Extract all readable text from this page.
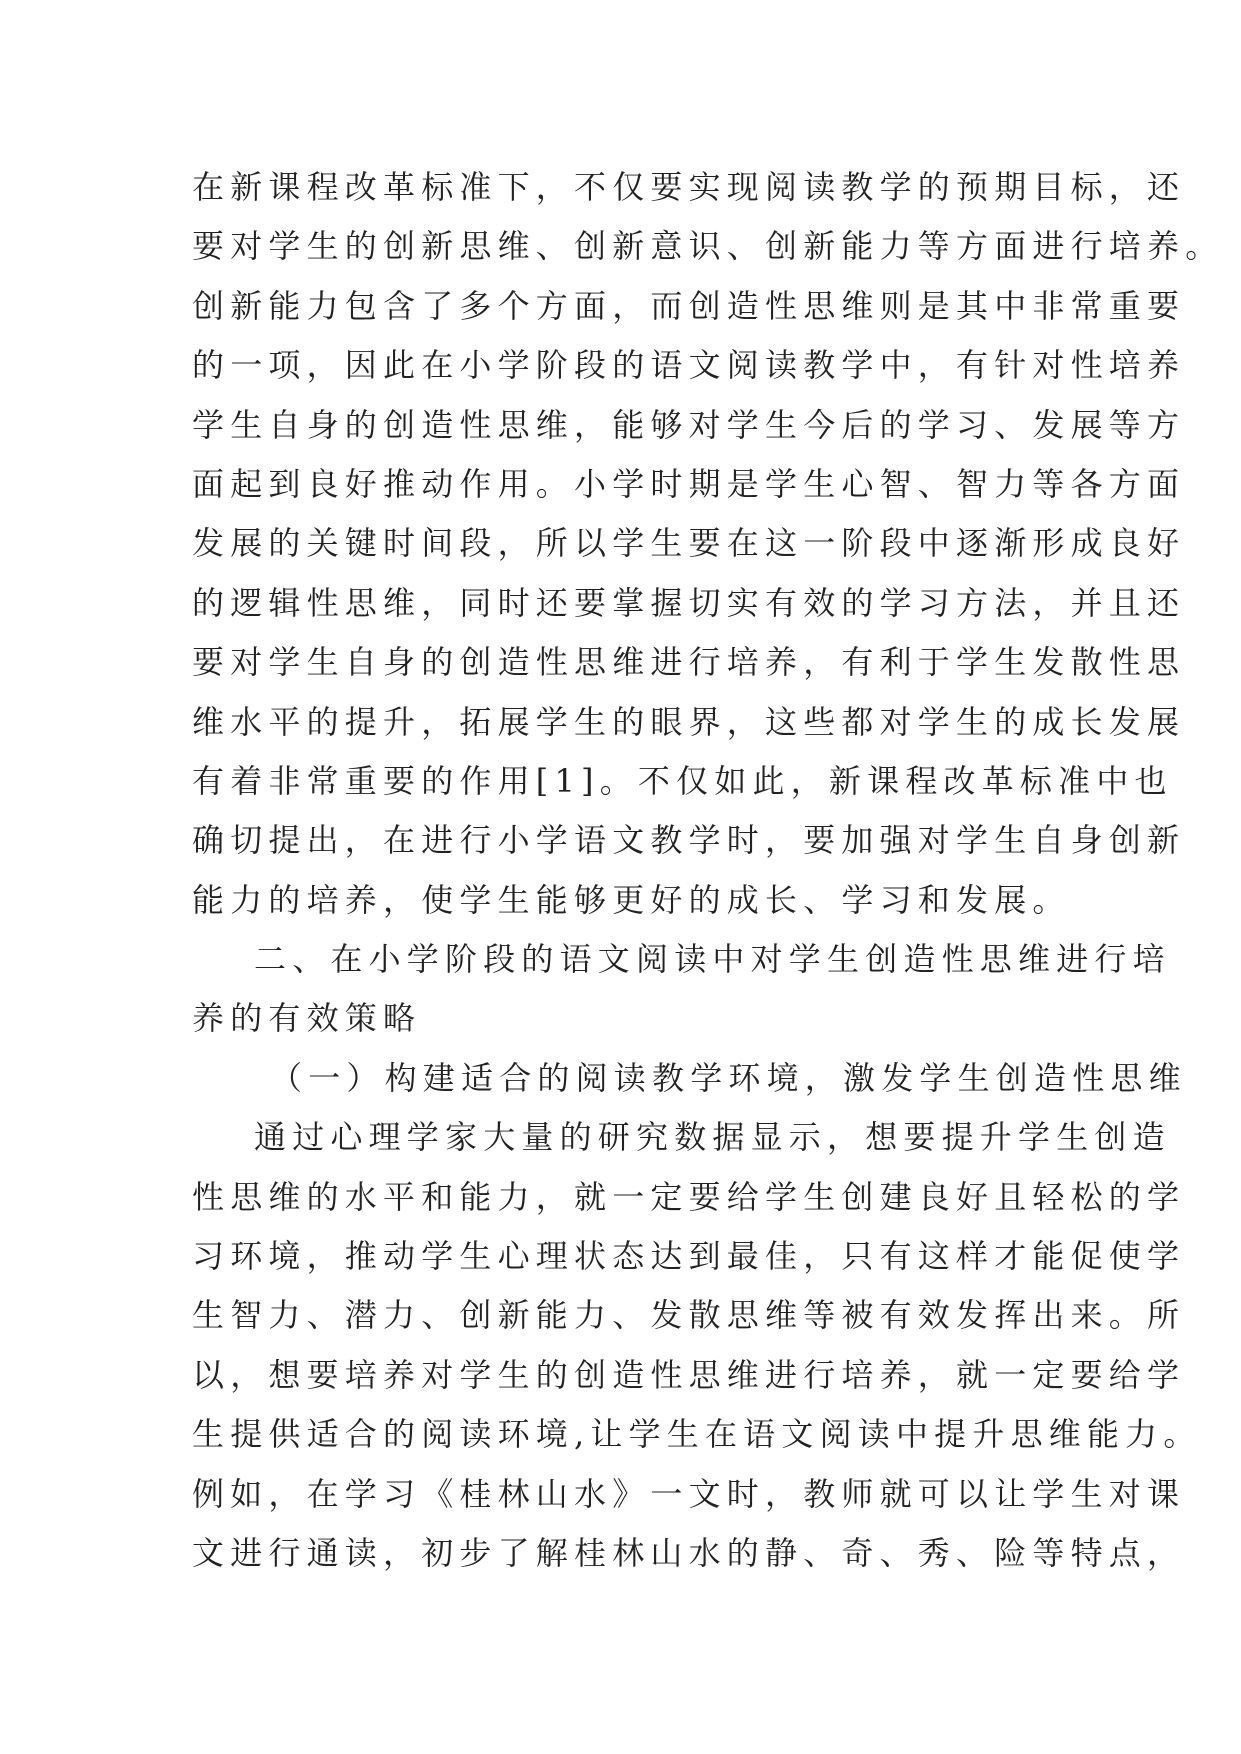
在新课程改革标准下，不仅要实现阅读教学的预期目标，还
要对学生的创新思维、创新意识、创新能力等方面进行培养。
创新能力包含了多个方面，而创造性思维则是其中非常重要
的一项，因此在小学阶段的语文阅读教学中，有针对性培养
学生自身的创造性思维，能够对学生今后的学习、发展等方
面起到良好推动作用。小学时期是学生心智、智力等各方面
发展的关键时间段，所以学生要在这一阶段中逐渐形成良好
的逻辑性思维，同时还要掌握切实有效的学习方法，并且还
要对学生自身的创造性思维进行培养，有利于学生发散性思
维水平的提升，拓展学生的眼界，这些都对学生的成长发展
有着非常重要的作用[1]。不仅如此，新课程改革标准中也
确切提出，在进行小学语文教学时，要加强对学生自身创新
能力的培养，使学生能够更好的成长、学习和发展。
二、在小学阶段的语文阅读中对学生创造性思维进行培
养的有效策略
（一）构建适合的阅读教学环境，激发学生创造性思维
通过心理学家大量的研究数据显示，想要提升学生创造
性思维的水平和能力，就一定要给学生创建良好且轻松的学
习环境，推动学生心理状态达到最佳，只有这样才能促使学
生智力、潜力、创新能力、发散思维等被有效发挥出来。所
以，想要培养对学生的创造性思维进行培养，就一定要给学
生提供适合的阅读环境,让学生在语文阅读中提升思维能力。
例如，在学习《桂林山水》一文时，教师就可以让学生对课
文进行通读，初步了解桂林山水的静、奇、秀、险等特点，
